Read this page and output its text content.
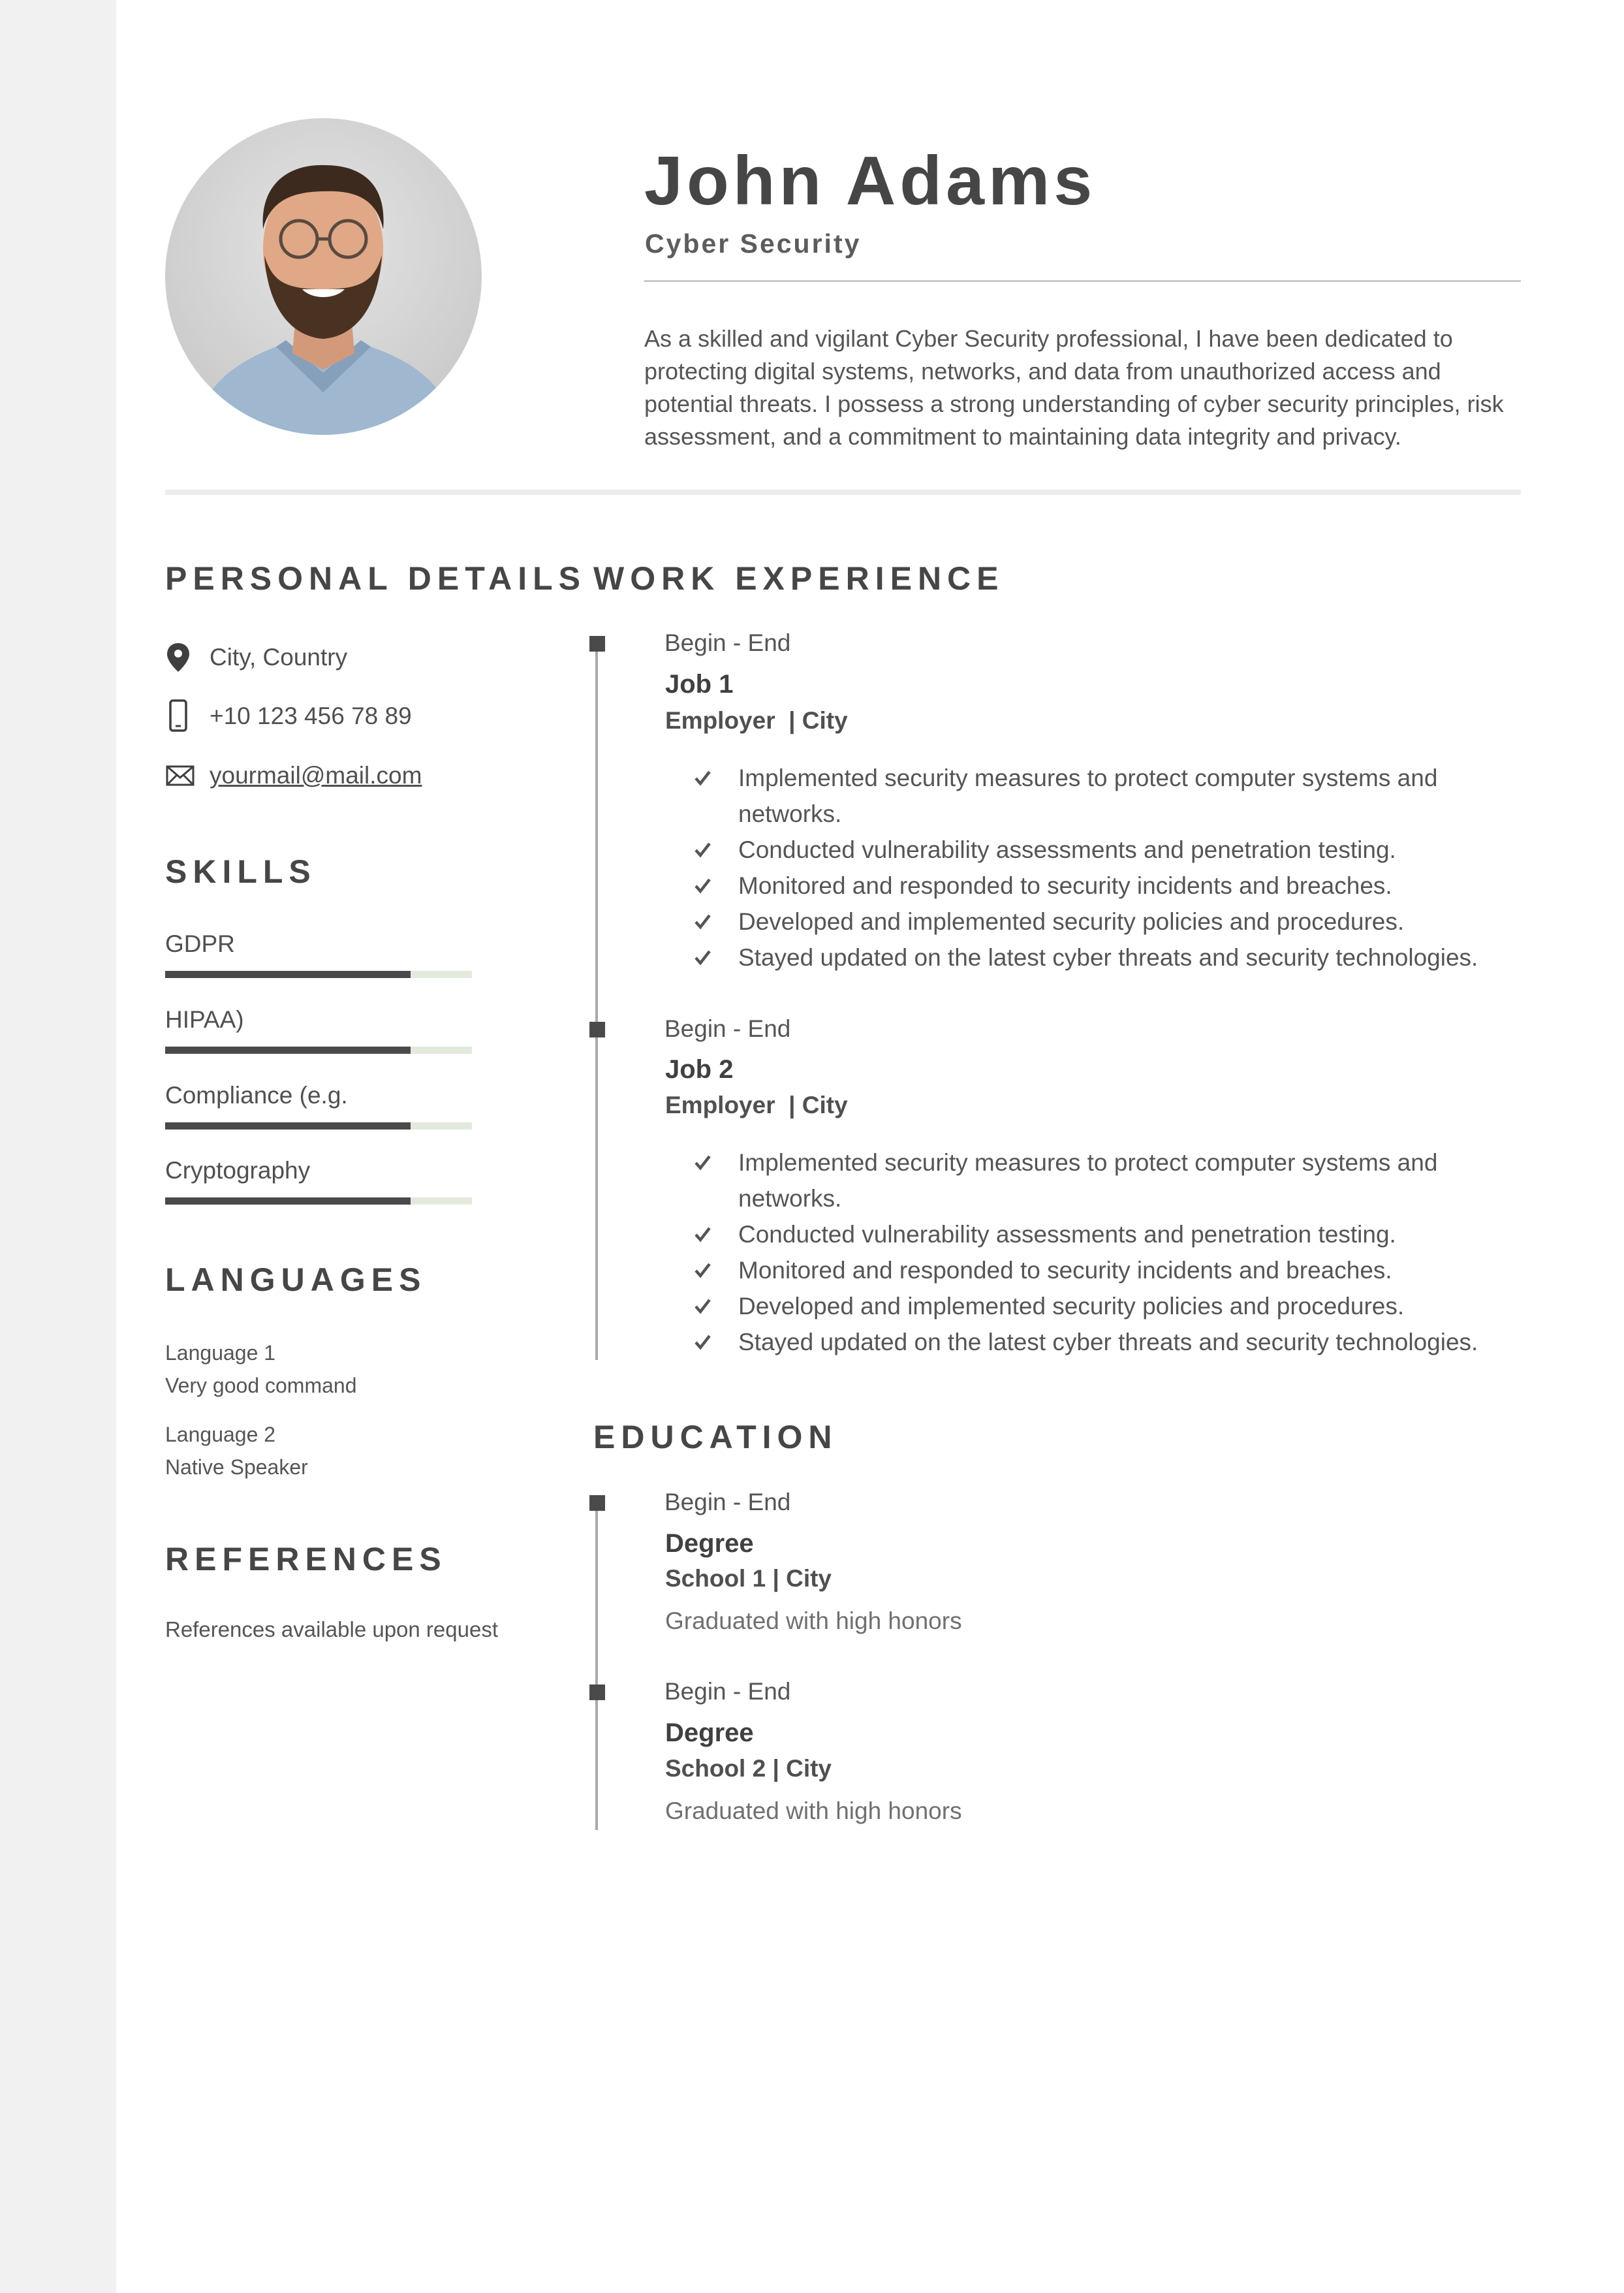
John Adams
Cyber Security

As a skilled and vigilant Cyber Security professional, I have been dedicated to protecting digital systems, networks, and data from unauthorized access and potential threats. I possess a strong understanding of cyber security principles, risk assessment, and a commitment to maintaining data integrity and privacy.

PERSONAL DETAILS
City, Country
+10 123 456 78 89
yourmail@mail.com
SKILLS
GDPR
HIPAA)
Compliance (e.g.
Cryptography
LANGUAGES
Language 1
Very good command
Language 2
Native Speaker
REFERENCES
References available upon request
WORK EXPERIENCE
Begin - End
Job 1
Employer  | City
Implemented security measures to protect computer systems and networks.
Conducted vulnerability assessments and penetration testing.
Monitored and responded to security incidents and breaches.
Developed and implemented security policies and procedures.
Stayed updated on the latest cyber threats and security technologies.
Begin - End
Job 2
Employer  | City
Implemented security measures to protect computer systems and networks.
Conducted vulnerability assessments and penetration testing.
Monitored and responded to security incidents and breaches.
Developed and implemented security policies and procedures.
Stayed updated on the latest cyber threats and security technologies.
EDUCATION
Begin - End
Degree
School 1 | City
Graduated with high honors
Begin - End
Degree
School 2 | City
Graduated with high honors
